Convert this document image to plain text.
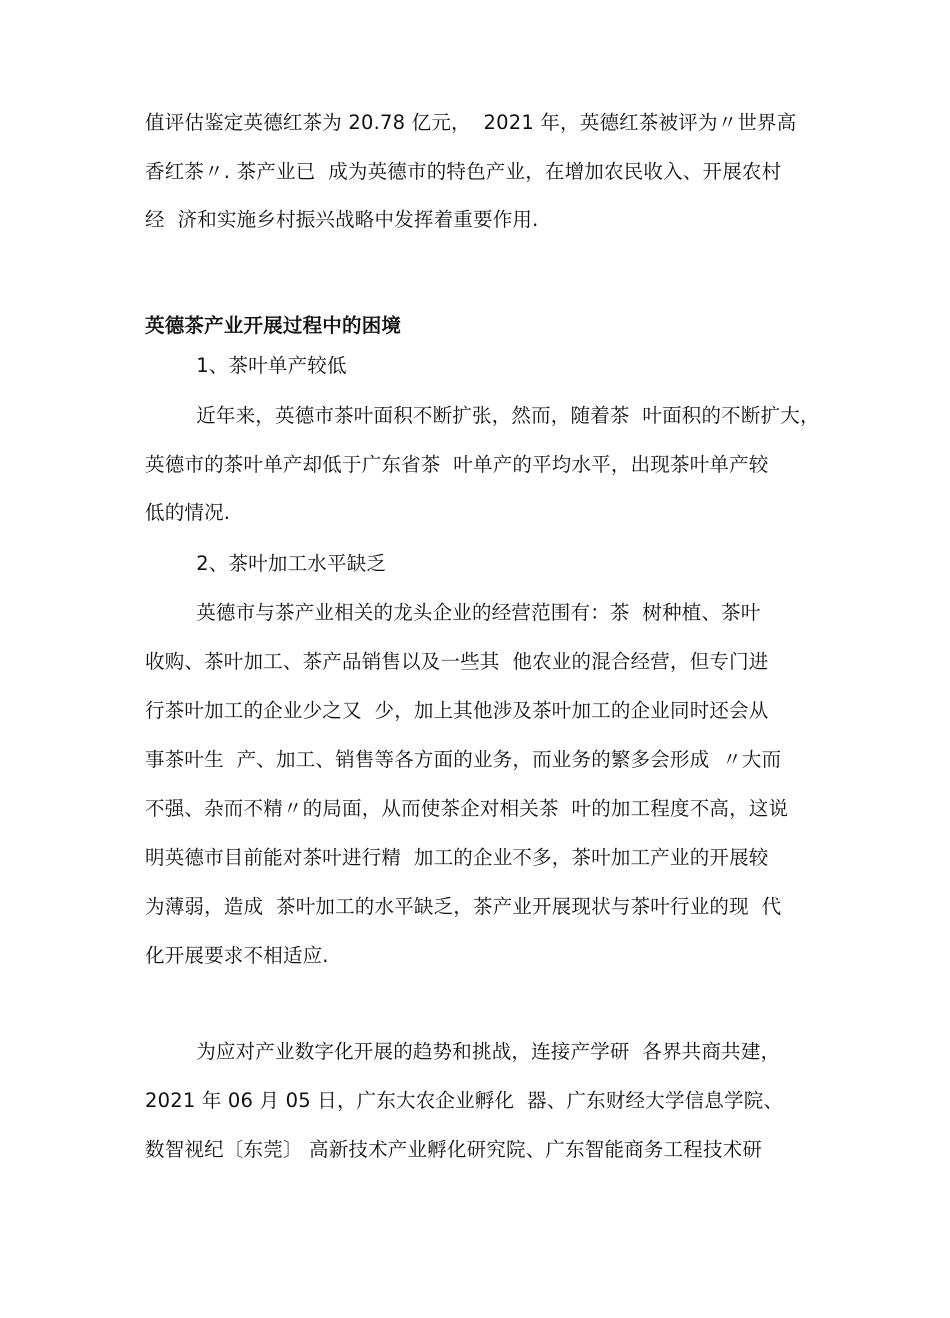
值评估鉴定英德红茶为 20.78 亿元，  2021 年，英德红茶被评为〃世界高
香红茶〃. 茶产业已  成为英德市的特色产业，在增加农民收入、开展农村
经  济和实施乡村振兴战略中发挥着重要作用.
英德茶产业开展过程中的困境
1、茶叶单产较低
近年来，英德市茶叶面积不断扩张，然而，随着茶  叶面积的不断扩大，
英德市的茶叶单产却低于广东省茶  叶单产的平均水平，出现茶叶单产较
低的情况.
2、茶叶加工水平缺乏
英德市与茶产业相关的龙头企业的经营范围有：茶  树种植、茶叶
收购、茶叶加工、茶产品销售以及一些其  他农业的混合经营，但专门进
行茶叶加工的企业少之又  少，加上其他涉及茶叶加工的企业同时还会从
事茶叶生  产、加工、销售等各方面的业务，而业务的繁多会形成  〃大而
不强、杂而不精〃的局面，从而使茶企对相关茶  叶的加工程度不高，这说
明英德市目前能对茶叶进行精  加工的企业不多，茶叶加工产业的开展较
为薄弱，造成  茶叶加工的水平缺乏，茶产业开展现状与茶叶行业的现  代
化开展要求不相适应.
为应对产业数字化开展的趋势和挑战，连接产学研  各界共商共建，
2021 年 06 月 05 日，广东大农企业孵化  器、广东财经大学信息学院、
数智视纪〔东莞〕 高新技术产业孵化研究院、广东智能商务工程技术研
